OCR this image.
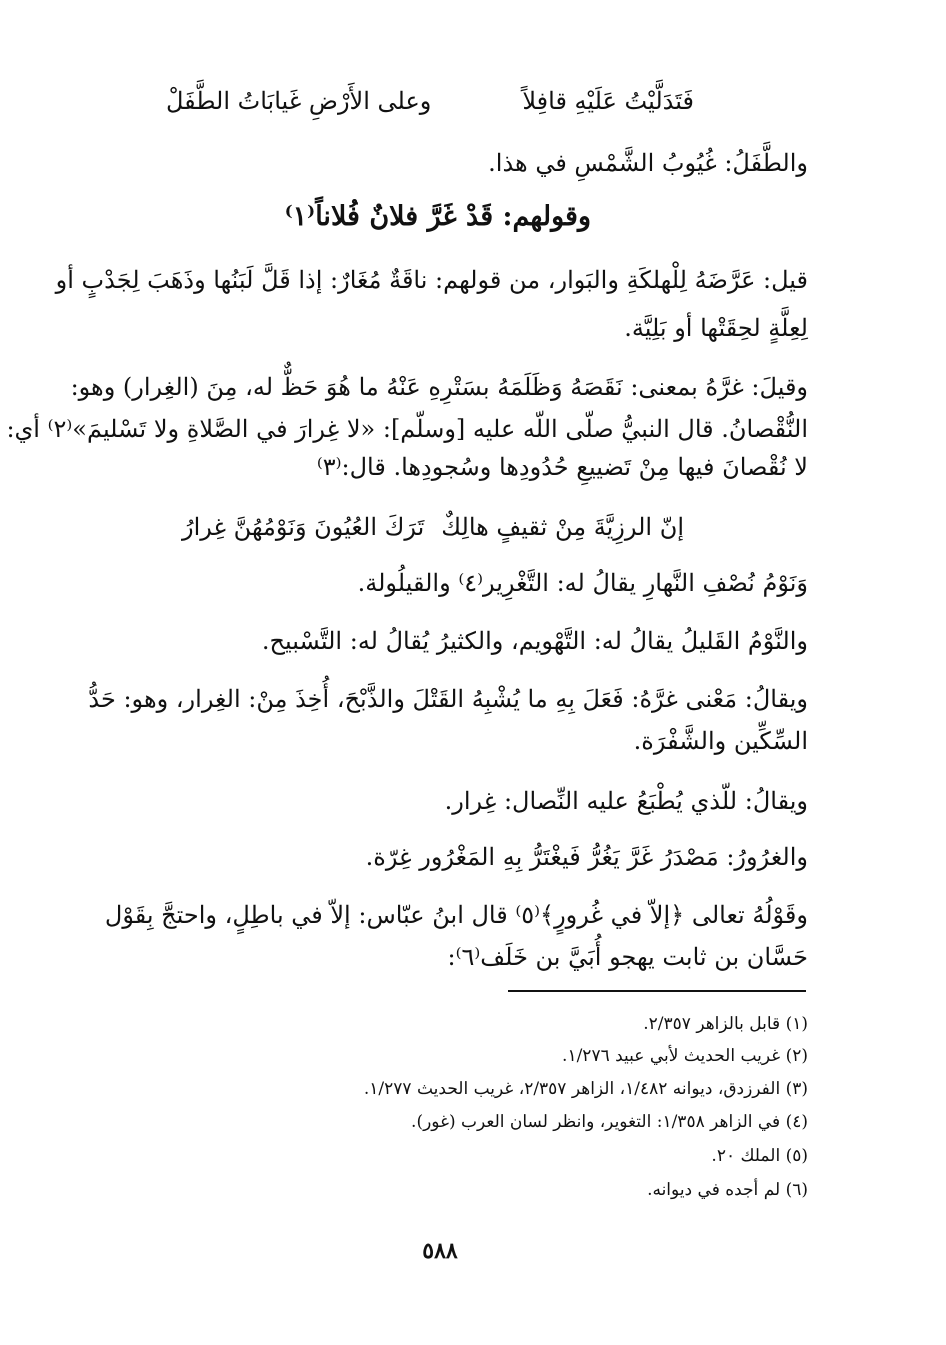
فَتَدَلَّيْتُ عَلَيْهِ قافِلاً
وعلى الأَرْضِ غَيابَاتُ الطَّفَلْ

والطَّفَلُ: غُيُوبُ الشَّمْسِ في هذا.

وقولهم: قَدْ غَرَّ فلانٌ فُلاناً⁽١⁾

قيل: عَرَّضَهُ لِلْهلكَةِ والبَوار، من قولهم: ناقَةٌ مُغَارٌ: إذا قَلَّ لَبَنُها وذَهَبَ لِجَدْبٍ أو

لِعِلَّةٍ لحِقَتْها أو بَلِيَّة.

وقيلَ: غرَّهُ بمعنى: نَقَصَهُ وَظَلَمَهُ بسَتْرِهِ عَنْهُ ما هُوَ حَظٌّ له، مِنَ (الغِرار) وهو:

النُّقْصانُ. قال النبيُّ صلّى اللّه عليه [وسلّم]: «لا غِرارَ في الصَّلاةِ ولا تَسْليمَ»⁽٢⁾ أي:

لا نُقْصانَ فيها مِنْ تَضييعِ حُدُودِها وسُجودِها. قال:⁽٣⁾

إنّ الرزِيَّةَ مِنْ ثقيفٍ هالِكٌ
تَرَكَ العُيُونَ وَنَوْمُهُنَّ غِرارُ

وَنَوْمُ نُصْفِ النَّهارِ يقالُ له: التَّغْرِير⁽٤⁾ والقيلُولة.

والنَّوْمُ القَليلُ يقالُ له: التَّهْويم، والكثيرُ يُقالُ له: التَّسْبيح.

ويقالُ: مَعْنى غرَّهُ: فَعَلَ بِهِ ما يُشْبِهُ القَتْلَ والذَّبْحَ، أُخِذَ مِنْ: الغِرار، وهو: حَدُّ

السِّكِّين والشَّفْرَة.

ويقالُ: للّذي يُطْبَعُ عليه النِّصال: غِرار.

والغرُورُ: مَصْدَرُ غَرَّ يَغُرُّ فَيغْتَرُّ بِهِ المَغْرُور غِرّة.

وقَوْلُهُ تعالى ﴿إلاّ في غُرورٍ﴾⁽٥⁾ قال ابنُ عبّاس: إلاّ في باطِلٍ، واحتجَّ بِقَوْل

حَسَّان بن ثابت يهجو أُبَيَّ بن خَلَف⁽٦⁾:

(١) قابل بالزاهر ٢/٣٥٧.
(٢) غريب الحديث لأبي عبيد ١/٢٧٦.
(٣) الفرزدق، ديوانه ١/٤٨٢، الزاهر ٢/٣٥٧، غريب الحديث ١/٢٧٧.
(٤) في الزاهر ١/٣٥٨: التغوير، وانظر لسان العرب (غور).
(٥) الملك ٢٠.
(٦) لم أجده في ديوانه.
٥٨٨
